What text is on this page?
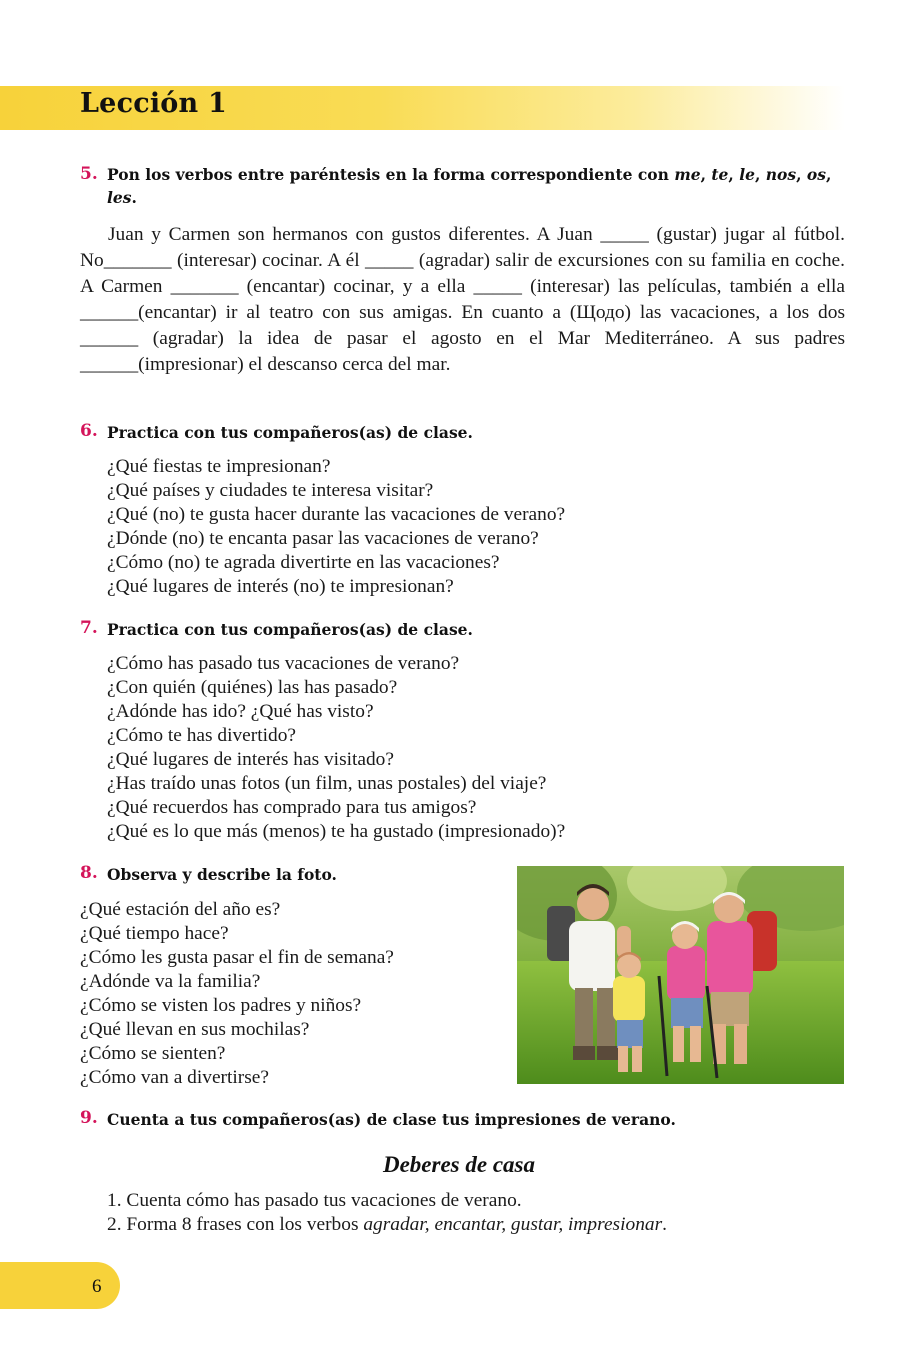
Lección 1
5. Pon los verbos entre paréntesis en la forma correspondiente con me, te, le, nos, os, les.
Juan y Carmen son hermanos con gustos diferentes. A Juan _____ (gustar) jugar al fútbol. No_______ (interesar) cocinar. A él _____ (agradar) salir de excursiones con su familia en coche. A Carmen _______ (encantar) cocinar, y a ella _____ (interesar) las películas, también a ella ______(encantar) ir al teatro con sus amigas. En cuanto a (Щодо) las vacaciones, a los dos ______ (agradar) la idea de pasar el agosto en el Mar Mediterráneo. A sus padres ______(impresionar) el descanso cerca del mar.
6. Practica con tus compañeros(as) de clase.
¿Qué fiestas te impresionan?
¿Qué países y ciudades te interesa visitar?
¿Qué (no) te gusta hacer durante las vacaciones de verano?
¿Dónde (no) te encanta pasar las vacaciones de verano?
¿Cómo (no) te agrada divertirte en las vacaciones?
¿Qué lugares de interés (no) te impresionan?
7. Practica con tus compañeros(as) de clase.
¿Cómo has pasado tus vacaciones de verano?
¿Con quién (quiénes) las has pasado?
¿Adónde has ido? ¿Qué has visto?
¿Cómo te has divertido?
¿Qué lugares de interés has visitado?
¿Has traído unas fotos (un film, unas postales) del viaje?
¿Qué recuerdos has comprado para tus amigos?
¿Qué es lo que más (menos) te ha gustado (impresionado)?
8. Observa y describe la foto.
¿Qué estación del año es?
¿Qué tiempo hace?
¿Cómo les gusta pasar el fin de semana?
¿Adónde va la familia?
¿Cómo se visten los padres y niños?
¿Qué llevan en sus mochilas?
¿Cómo se sienten?
¿Cómo van a divertirse?
9. Cuenta a tus compañeros(as) de clase tus impresiones de verano.
Deberes de casa
1. Cuenta cómo has pasado tus vacaciones de verano.
2. Forma 8 frases con los verbos agradar, encantar, gustar, impresionar.
6
